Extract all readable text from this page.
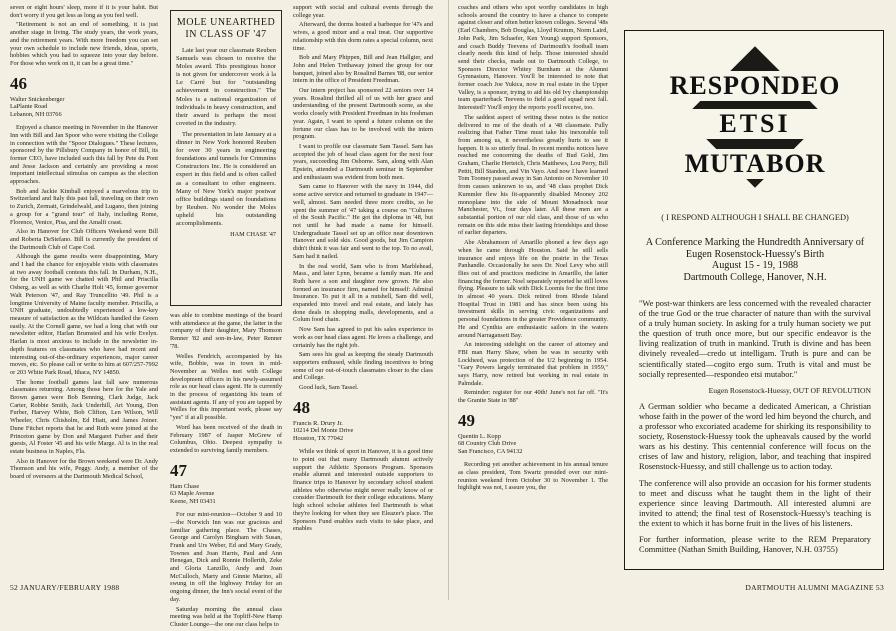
seven or eight hours' sleep, more if it is your habit. But don't worry if you get less as long as you feel well.

"Retirement is not an end of something, it is just another stage in living. The study years, the work years, and the retirement years. With more freedom you can set your own schedule to include new friends, ideas, sports, hobbies which you had to squeeze into your day before. For those who work on it, it can be a great time."

46
Walter Snickenberger
LaPlante Road
Lebanon, NH 03766

Enjoyed a chance meeting in November in the Hanover Inn with Bill and Jan Spoor who were visiting the College in connection with the "Spoor Dialogues." These lectures, sponsored by the Pillsbury Company in honor of Bill, its former CEO, have included such this fall by Pete du Pont and Jesse Jackson and certainly are providing a most important intellectual stimulus on campus as the election approaches.

Bob and Jackie Kimball enjoyed a marvelous trip to Switzerland and Italy this past fall, traveling on their own to Zurich, Zermatt, Grindelwald, and Lugano, then joining a group for a "grand tour" of Italy, including Rome, Florence, Venice, Pisa, and the Amalfi coast.

Also in Hanover for Club Officers Weekend were Bill and Roberta DeStefano. Bill is currently the president of the Dartmouth Club of Cape Cod.

Although the game results were disappointing, Mary and I had the chance for enjoyable visits with classmates at two away football contests this fall. In Durham, N.H., for the UNH game we chatted with Phil and Priscilla Osberg, as well as with Charlie Holt '45, former governor Walt Peterson '47, and Ray Truncellito '49. Phil is a longtime University of Maine faculty member. Priscilla, a UNH graduate, undoubtedly experienced a low-key measure of satisfaction as the Wildcats handled the Green easily. At the Cornell game, we had a long chat with our newsletter editor, Harlan Brumsted and his wife Evelyn. Harlan is most anxious to include in the newsletter in-depth features on classmates who have had recent and interesting out-of-the-ordinary experiences, major career moves, etc. So please call or write to him at 607/257-7992 or 203 White Park Road, Ithaca, NY 14850.

The home football games last fall saw numerous classmates returning. Among those here for the Yale and Brown games were Bob Benning, Clark Judge, Jack Carter, Robbie Smith, Jack Underhill, Art Young, Don Furber, Harvey White, Bob Clifton, Len Wilson, Will Wheeler, Chris Chisholm, Ed Hiatt, and James Joiner. Dune Fitchet reports that he and Ruth were joined at the Princeton game by Don and Margaret Furber and their guests, Al Foster '45 and his wife Marge. Al is in the real estate business in Naples, Fla.

Also in Hanover for the Brown weekend were Dr. Andy Thomson and his wife, Peggy. Andy, a member of the board of overseers at the Dartmouth Medical School,

MOLE UNEARTHED IN CLASS OF '47

Late last year our classmate Reuben Samuels was chosen to receive the Moles award. This prestigious honor is not given for undercover work à la Le Carré but for "outstanding achievement in construction." The Moles is a national organization of individuals in heavy construction, and their award is perhaps the most coveted in the industry.

The presentation in late January at a dinner in New York honored Reuben for over 30 years in engineering foundations and tunnels for Crimmins Constructors Inc. He is considered an expert in this field and is often called as a consultant to other engineers. Many of New York's major postwar office buildings stand on foundations by Reuben. No wonder the Moles upheld his outstanding accomplishments.

HAM CHASE '47

was able to combine meetings of the board with attendance at the game, the latter in the company of their daughter, Mary Thomson Renner '82 and son-in-law, Peter Renner '78.

Welles Fendrich, accompanied by his wife, Bobbie, was in town in mid-November as Welles met with College development officers in his newly-assumed role as our head class agent. He is currently in the process of organizing his team of assistant agents. If any of you are tapped by Welles for this important work, please say "yes" if at all possible.

Word has been received of the death in February 1987 of Jasper McGrew of Columbus, Ohio. Deepest sympathy is extended to surviving family members.

47
Ham Chase
63 Maple Avenue
Keene, NH 03431

For our mini-reunion—October 9 and 10—the Norwich Inn was our gracious and familiar gathering place. The Chases, George and Carolyn Bingham with Susan, Frank and Urs Weber, Ed and Mary Grady, Townes and Joan Harris, Paul and Ann Henegan, Dick and Ronnie Hollerith, Zeke and Gloria Lanzillo, Andy and Joan McCulloch, Marty and Ginnie Marino, all swung in off the highway Friday for an ongoing dinner, the Inn's social event of the day.

Saturday morning the annual class meeting was held at the Topliff-New Hamp Cluster Lounge—the one our class helps to

support with social and cultural events through the college year.

Afterward, the dorms hosted a barbeque for '47s and wives, a good mixer and a real treat. Our supportive relationship with this dorm rates a special column, next time.

Bob and Mary Phippen, Bill and Jean Hallgier, and John and Helen Trethaway joined the group for our banquet, joined also by Rosalind Barnes '88, our senior intern in the office of President Freedman.

Our intern project has sponsored 22 seniors over 14 years. Rosalind thrilled all of us with her grace and understanding of the present Dartmouth scene, as she works closely with President Freedman in his freshman year. Again, I want to spend a future column on the fortune our class has to be involved with the intern program.

I want to profile our classmate Sam Tassel. Sam has accepted the job of head class agent for the next four years, succeeding Jim Osborne. Sam, along with Alan Epstein, attended a Dartmouth seminar in September and enthusiasm was evident from both men.

Sam came to Hanover with the navy in 1944, did some active service and returned to graduate in 1947—well, almost. Sam needed three more credits, so he spent the summer of '47 taking a course on "Cultures of the South Pacific." He got the diploma in '48, but not until he had made a name for himself. Undergraduate Tassel set up an office near downtown Hanover and sold skis. Good goods, but Jim Campion didn't think it was fair and went to the top. To no avail, Sam had it nailed.

In the real world, Sam who is from Marblehead, Mass., and later Lynn, became a family man. He and Ruth have a son and daughter now grown. He also formed an insurance firm, named for himself: Admiral Insurance. To put it all in a nutshell, Sam did well, expanded into travel and real estate, and lately has done deals in shopping malls, developments, and a Colum food chain.

Now Sam has agreed to put his sales experience to work as our head class agent. He loves a challenge, and certainly has the right job.

Sam sees his goal as keeping the steady Dartmouth supporters enthused, while finding incentives to bring some of our out-of-touch classmates closer to the class and College.

Good luck, Sam Tassel.

48
Francis R. Drury Jr.
10214 Del Monte Drive
Houston, TX 77042

While we think of sport in Hanover, it is a good time to point out that many Dartmouth alumni actively support the Athletic Sponsors Program. Sponsors enable alumni and interested outside supporters to finance trips to Hanover by secondary school student athletes who otherwise might never really know of or consider Dartmouth for their college educations. Many high school scholar athletes feel Dartmouth is what they're looking for when they see Eleazer's place. The Sponsors Fund enables such visits to take place, and enables

52 JANUARY/FEBRUARY 1988

coaches and others who spot worthy candidates in high schools around the country to have a chance to compete against closer and often better known colleges. Several '48s (Earl Chambers, Bob Douglas, Lloyd Krumm, Norm Laird, John Park, Jim Schaefer, Ken Young) support Sponsors, and coach Buddy Teevens of Dartmouth's football team clearly needs this kind of help. Those interested should send their checks, made out to Dartmouth College, to Sponsors Director Whitey Burnham at the Alumni Gymnasium, Hanover. You'll be interested to note that former coach Joe Yukica, now in real estate in the Upper Valley, is a sponsor, trying to aid his old Ivy championship team quarterback Teevens to field a good squad next fall. Interested? You'll enjoy the reports you'll receive, too.

The saddest aspect of writing these notes is the notice delivered to me of the death of a '48 classmate. Fully realizing that Father Time must take his inexorable toll from among us, it nevertheless greatly hurts to see it happen. It is so utterly final. In recent months notices have reached me concerning the deaths of Bud Gold, Jim Graham, Charlie Herteich, Chris Matthews, Lou Perry, Bill Pettit, Bill Standen, and Vin Vayo. And now I have learned Tom Toomey passed away in San Antonio on November 10 from causes unknown to us, and '48 class prophet Dick Kummler flew his fit-apparently disabled Mooney 202 monoplane into the side of Mount Monadnock near Manchester, Vt., four days later. All these men are a substantial portion of our old class, and those of us who remain on this side miss their lasting friendships and those of earlier departers.

Abe Abrahamson of Amarillo phoned a few days ago when he came through Houston. Said he still sells insurance and enjoys life on the prairie in the Texas Panhandle. Occasionally he sees Dr. Noel Levy who still flies out of and practices medicine in Amarillo, the latter financing the former. Noel separately reported he still loves flying. Pleasure to talk with Dick Loomis for the first time in almost 40 years. Dick retired from Rhode Island Hospital Trust in 1981 and has since been using his investment skills in serving civic organizations and personal foundations in the greater Providence community. He and Cynthia are enthusiastic sailors in the waters around Narragansett Bay.

An interesting sidelight on the career of attorney and FBI man Harry Shaw, when he was in security with Lockheed, was protection of the U2 beginning in 1954. "Gary Powers largely terminated that problem in 1959," says Harry, now retired but working in real estate in Palmdale.

Reminder: register for our 40th! June's not far off. "It's the Granite State in '88"

49
Quentin L. Kopp
68 Country Club Drive
San Francisco, CA 94132

Recording yet another achievement in his annual tenure as class president, Tom Swartz presided over our mini-reunion weekend from October 30 to November 1. The highlight was not, I assure you, the

RESPONDEO
ETSI
MUTABOR
( I RESPOND ALTHOUGH I SHALL BE CHANGED)
A Conference Marking the Hundredth Anniversary of Eugen Rosenstock-Huessy's Birth
August 15 - 19, 1988
Dartmouth College, Hanover, N.H.

"We post-war thinkers are less concerned with the revealed character of the true God or the true character of nature than with the survival of a truly human society. In asking for a truly human society we put the question of truth once more, but our specific endeavor is the living realization of truth in mankind. Truth is divine and has been divinely revealed—credo ut intelligam. Truth is pure and can be scientifically stated—cogito ergo sum. Truth is vital and must be socially represented—respondeo etsi mutabor."

Eugen Rosenstock-Huessy, OUT OF REVOLUTION

A German soldier who became a dedicated American, a Christian whose faith in the power of the word led him beyond the church, and a professor who excoriated academe for shirking its responsibility to society, Rosenstock-Huessy took the upheavals caused by the world wars as his destiny. This centennial conference will focus on the crises of law and history, religion, labor, and teaching that inspired Rosenstock-Huessy, and still challenge us to action today.

The conference will also provide an occasion for his former students to meet and discuss what he taught them in the light of their experience since leaving Dartmouth. All interested alumni are invited to attend; the final test of Rosenstock-Huessy's teaching is the extent to which it has borne fruit in the lives of his listeners.

For further information, please write to the REM Preparatory Committee (Nathan Smith Building, Hanover, N.H. 03755)

DARTMOUTH ALUMNI MAGAZINE 53
